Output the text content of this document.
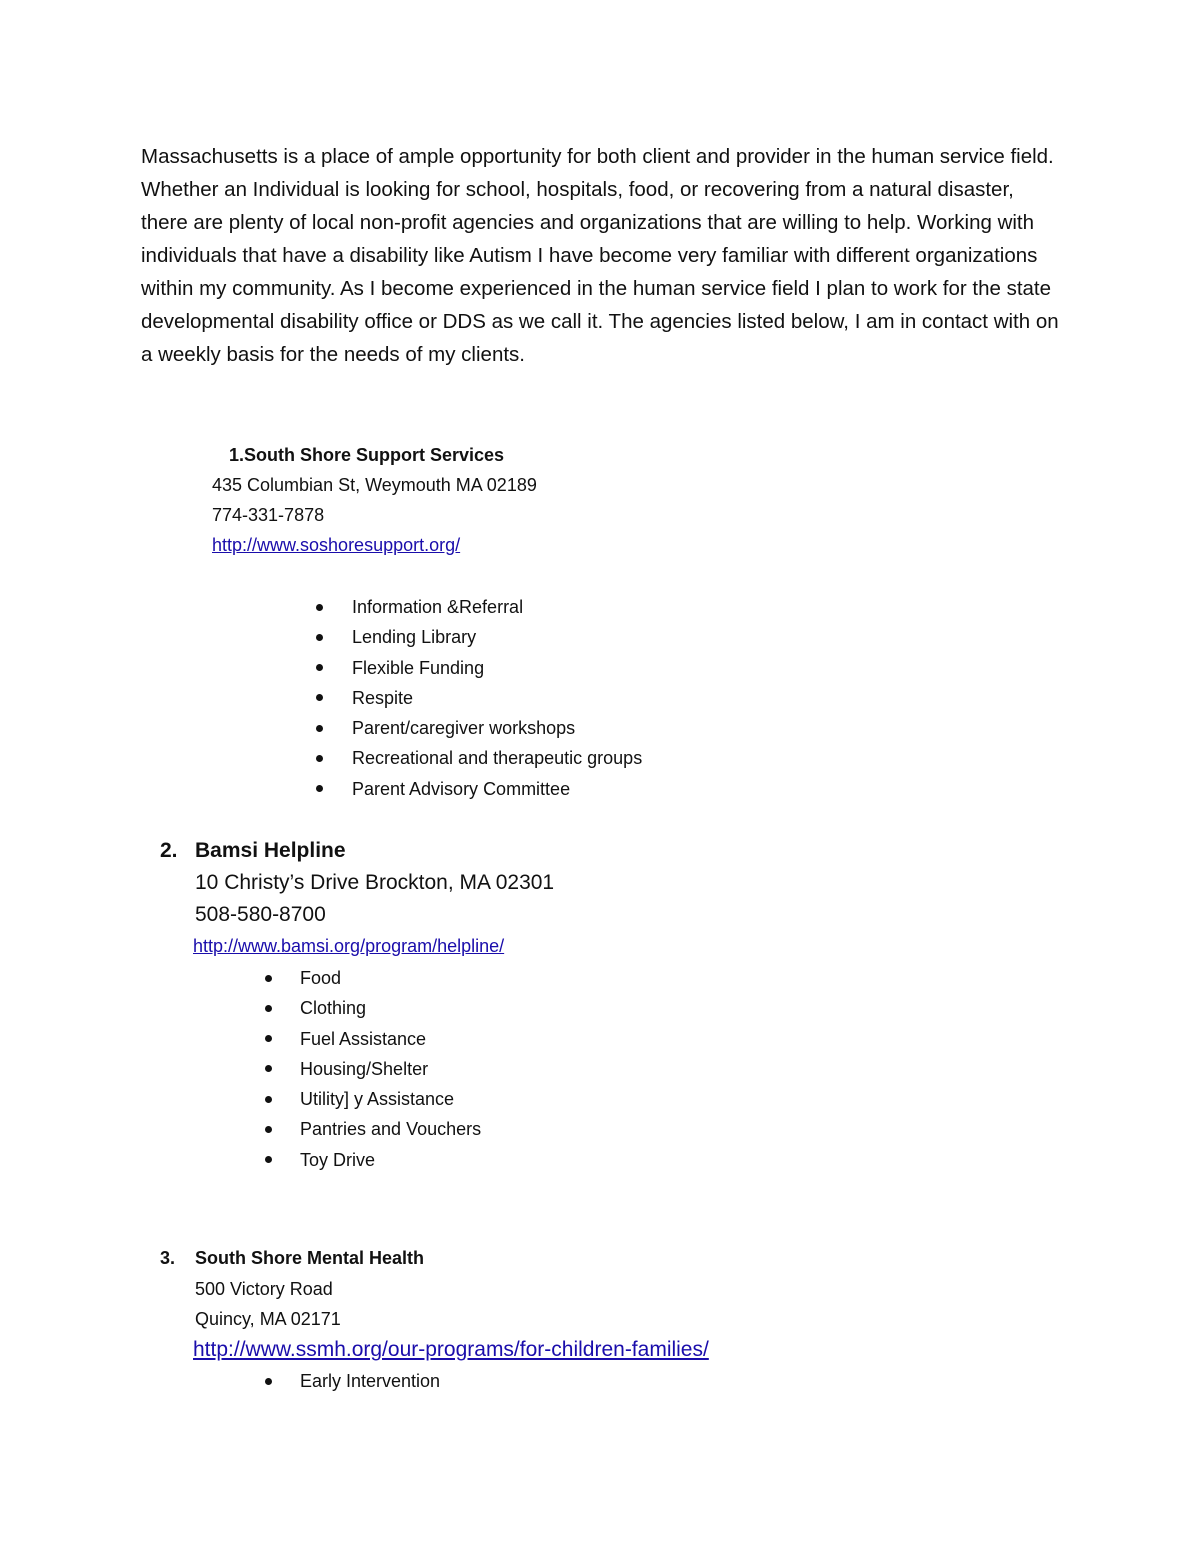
Massachusetts is a place of ample opportunity for both client and provider in the human service field. Whether an Individual is looking for school, hospitals, food, or recovering from a natural disaster, there are plenty of local non-profit agencies and organizations that are willing to help. Working with individuals that have a disability like Autism I have become very familiar with different organizations within my community. As I become experienced in the human service field I plan to work for the state developmental disability office or DDS as we call it. The agencies listed below, I am in contact with on a weekly basis for the needs of my clients.

1.South Shore Support Services
435 Columbian St, Weymouth MA 02189
774-331-7878
http://www.soshoresupport.org/
Information &Referral
Lending Library
Flexible Funding
Respite
Parent/caregiver workshops
Recreational and therapeutic groups
Parent Advisory Committee
2. Bamsi Helpline
10 Christy’s Drive Brockton, MA 02301
508-580-8700
http://www.bamsi.org/program/helpline/
Food
Clothing
Fuel Assistance
Housing/Shelter
Utility] y Assistance
Pantries and Vouchers
Toy Drive
3. South Shore Mental Health
500 Victory Road
Quincy, MA 02171
http://www.ssmh.org/our-programs/for-children-families/
Early Intervention
